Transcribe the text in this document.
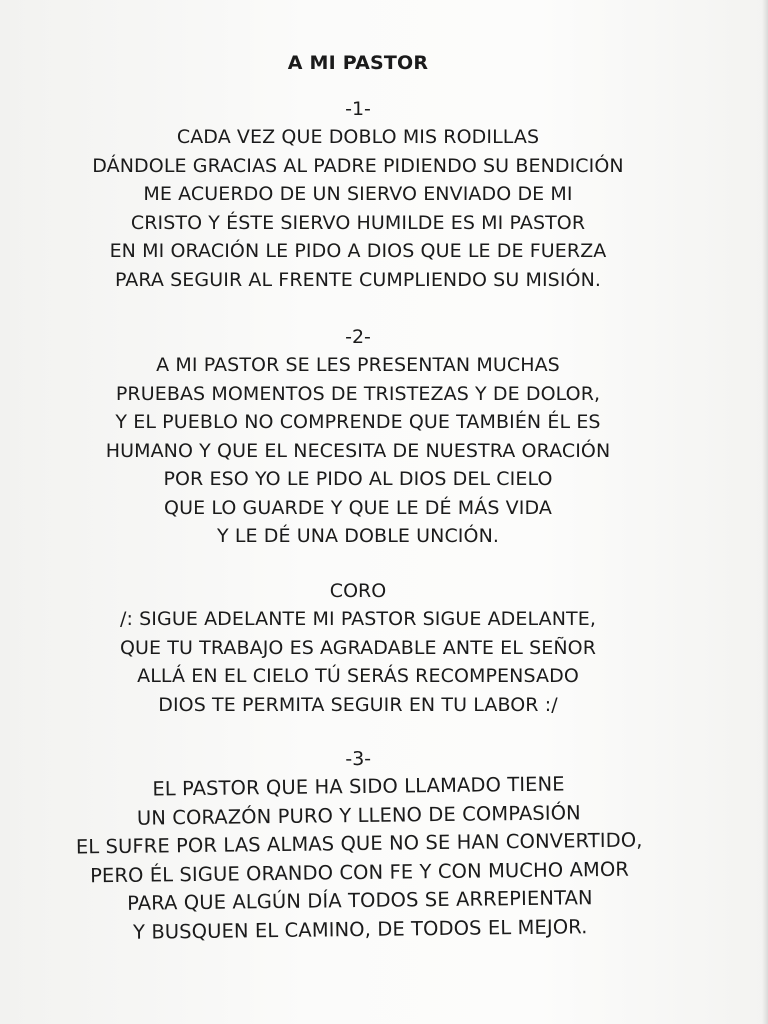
A MI PASTOR
-1-
CADA VEZ QUE DOBLO MIS RODILLAS
DÁNDOLE GRACIAS AL PADRE PIDIENDO SU BENDICIÓN
ME ACUERDO DE UN SIERVO ENVIADO DE MI
CRISTO Y ÉSTE SIERVO HUMILDE ES MI PASTOR
EN MI ORACIÓN LE PIDO A DIOS QUE LE DE FUERZA
PARA SEGUIR AL FRENTE CUMPLIENDO SU MISIÓN.
-2-
A MI PASTOR SE LES PRESENTAN MUCHAS
PRUEBAS MOMENTOS DE TRISTEZAS Y DE DOLOR,
Y EL PUEBLO NO COMPRENDE QUE TAMBIÉN ÉL ES
HUMANO Y QUE EL NECESITA DE NUESTRA ORACIÓN
POR ESO YO LE PIDO AL DIOS DEL CIELO
QUE LO GUARDE Y QUE LE DÉ MÁS VIDA
Y LE DÉ UNA DOBLE UNCIÓN.
CORO
/: SIGUE ADELANTE MI PASTOR SIGUE ADELANTE,
QUE TU TRABAJO ES AGRADABLE ANTE EL SEÑOR
ALLÁ EN EL CIELO TÚ SERÁS RECOMPENSADO
DIOS TE PERMITA SEGUIR EN TU LABOR :/
-3-
EL PASTOR QUE HA SIDO LLAMADO TIENE
UN CORAZÓN PURO Y LLENO DE COMPASIÓN
EL SUFRE POR LAS ALMAS QUE NO SE HAN CONVERTIDO,
PERO ÉL SIGUE ORANDO CON FE Y CON MUCHO AMOR
PARA QUE ALGÚN DÍA TODOS SE ARREPIENTAN
Y BUSQUEN EL CAMINO, DE TODOS EL MEJOR.
